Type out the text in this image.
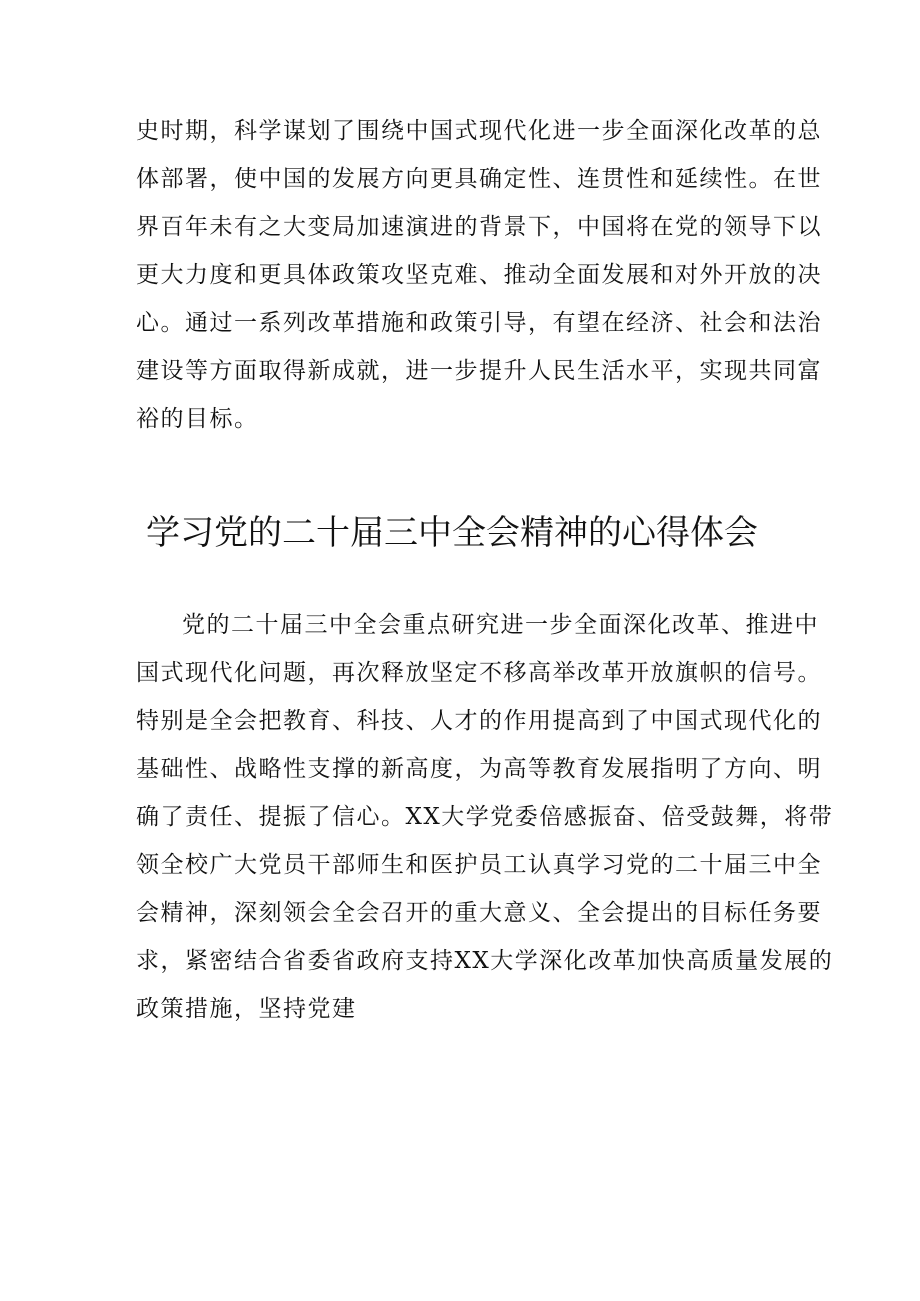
史时期，科学谋划了围绕中国式现代化进一步全面深化改革的总
体部署，使中国的发展方向更具确定性、连贯性和延续性。在世
界百年未有之大变局加速演进的背景下，中国将在党的领导下以
更大力度和更具体政策攻坚克难、推动全面发展和对外开放的决
心。通过一系列改革措施和政策引导，有望在经济、社会和法治
建设等方面取得新成就，进一步提升人民生活水平，实现共同富
裕的目标。
学习党的二十届三中全会精神的心得体会
党的二十届三中全会重点研究进一步全面深化改革、推进中
国式现代化问题，再次释放坚定不移高举改革开放旗帜的信号。
特别是全会把教育、科技、人才的作用提高到了中国式现代化的
基础性、战略性支撑的新高度，为高等教育发展指明了方向、明
确了责任、提振了信心。XX大学党委倍感振奋、倍受鼓舞，将带
领全校广大党员干部师生和医护员工认真学习党的二十届三中全
会精神，深刻领会全会召开的重大意义、全会提出的目标任务要
求，紧密结合省委省政府支持XX大学深化改革加快高质量发展的
政策措施，坚持党建
